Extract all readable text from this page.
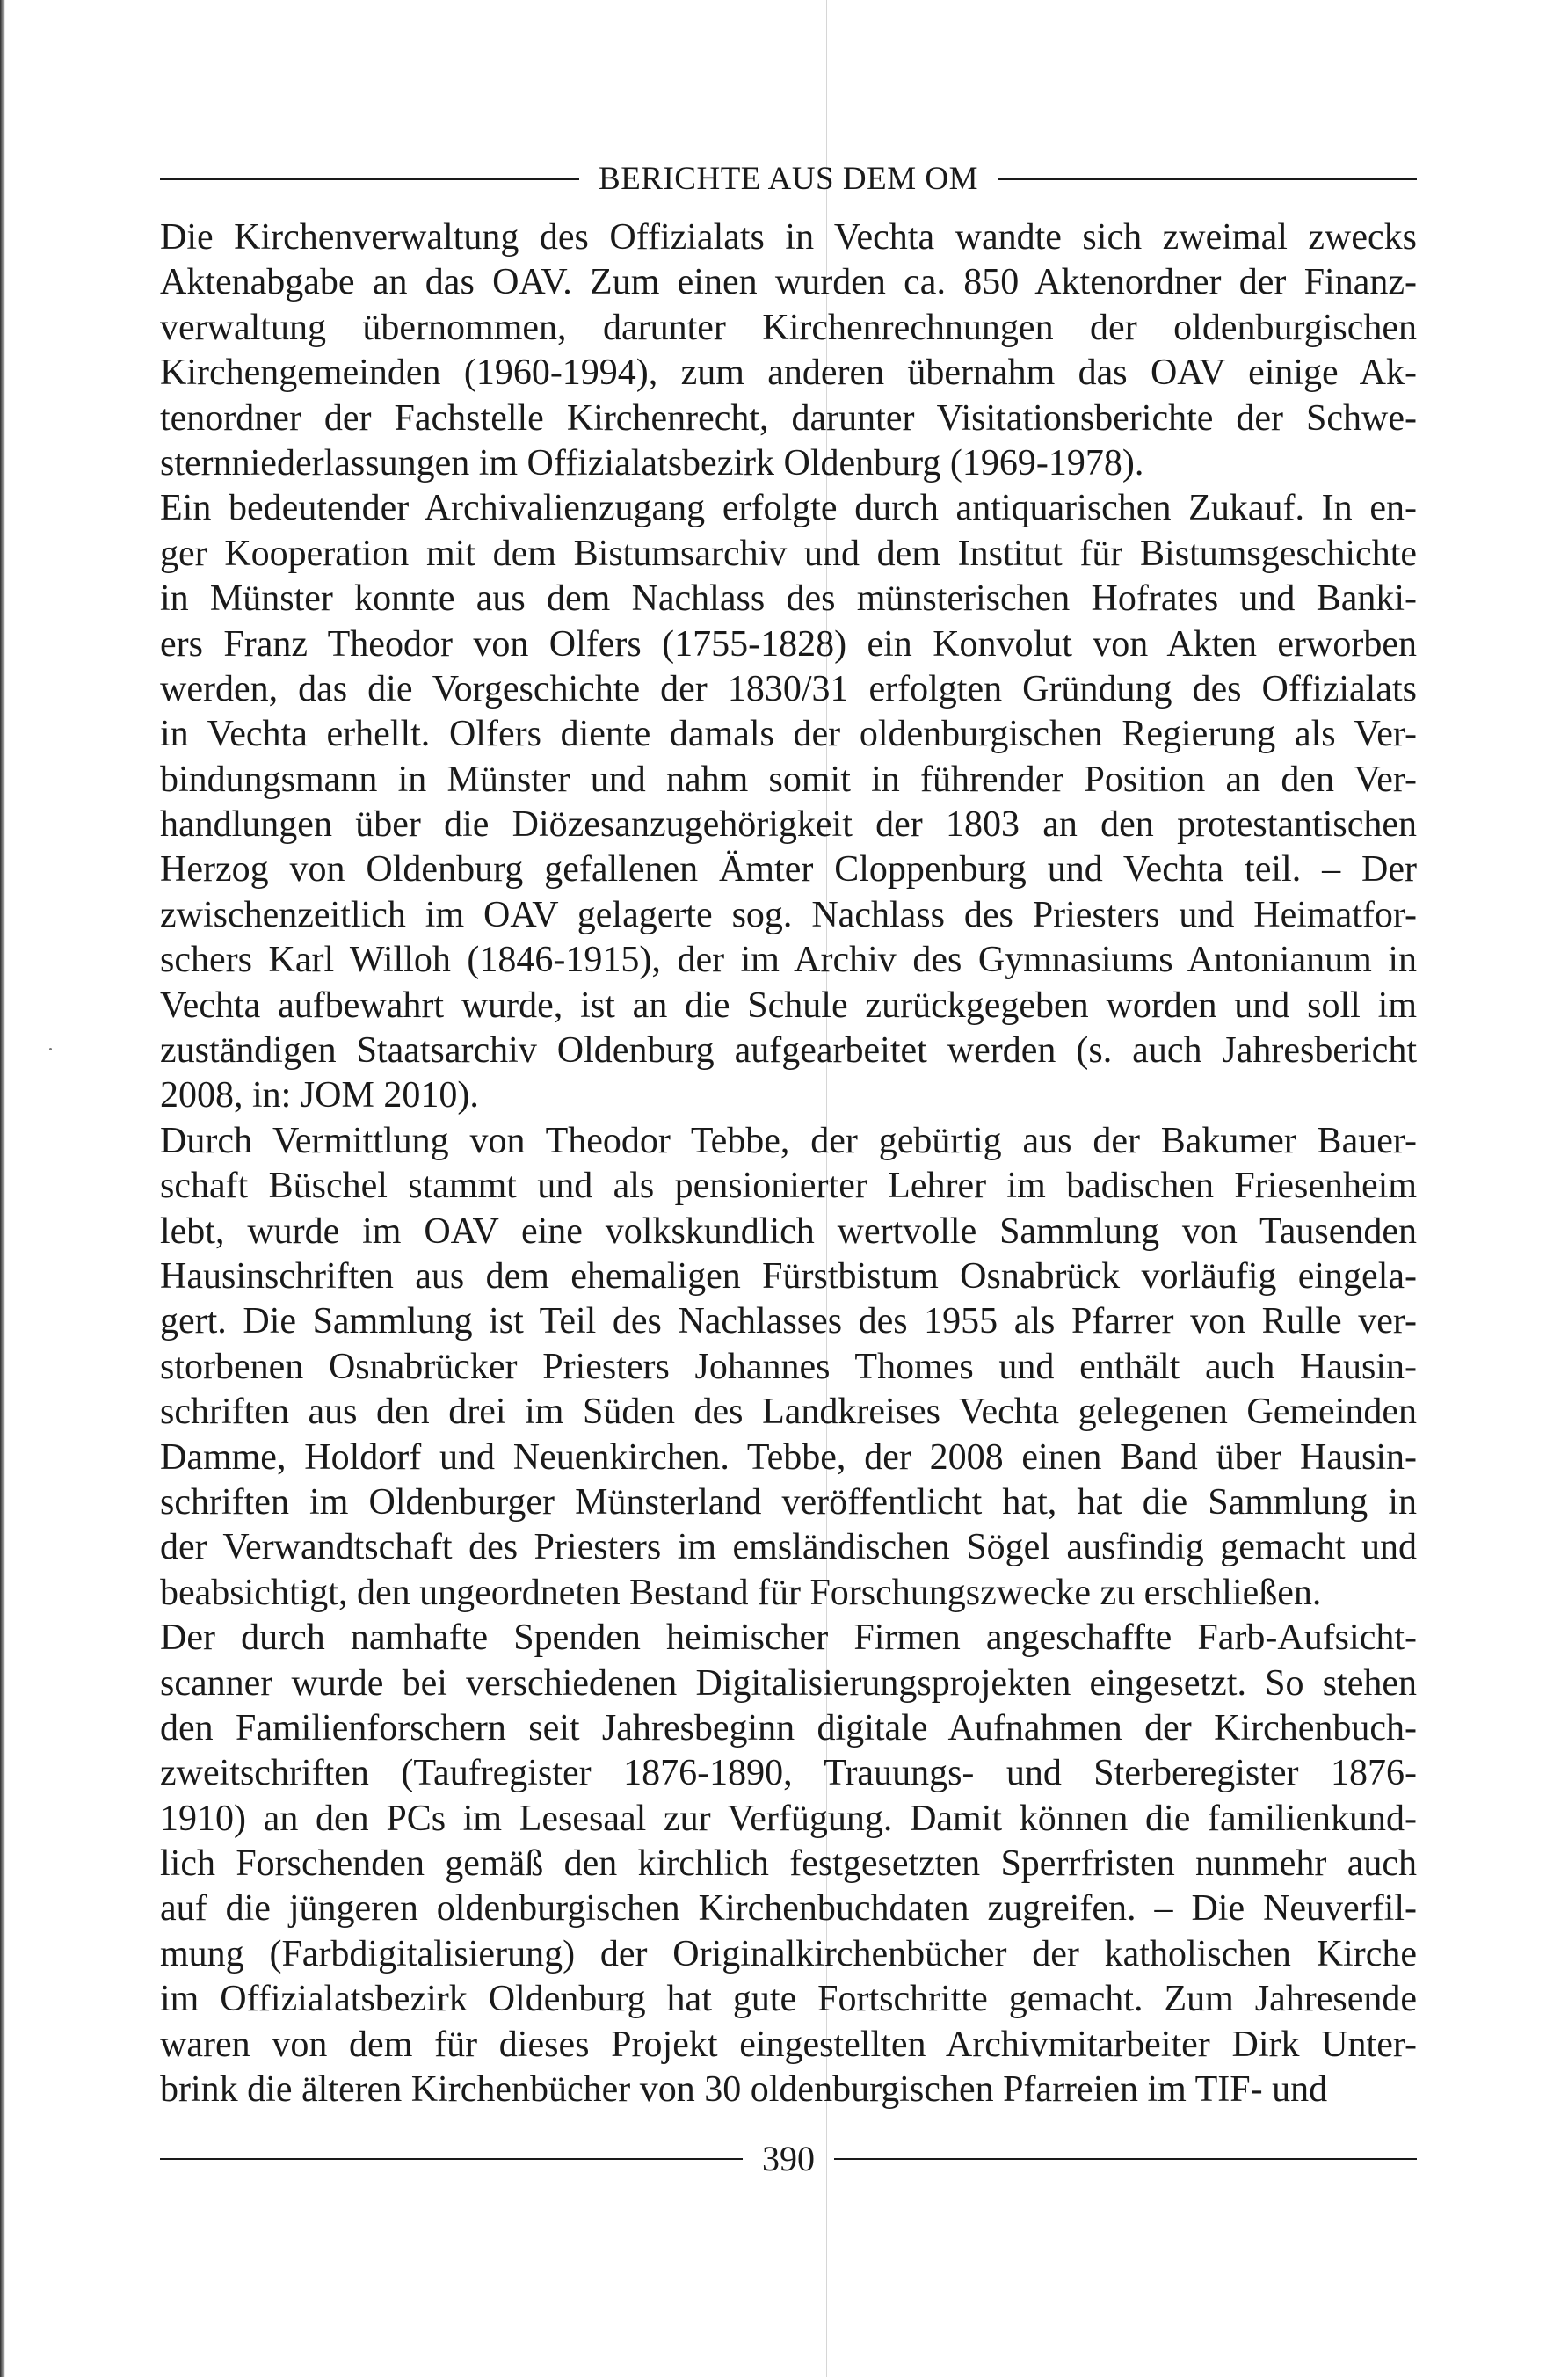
BERICHTE AUS DEM OM
Die Kirchenverwaltung des Offizialats in Vechta wandte sich zweimal zwecks
Aktenabgabe an das OAV. Zum einen wurden ca. 850 Aktenordner der Finanz-
verwaltung übernommen, darunter Kirchenrechnungen der oldenburgischen
Kirchengemeinden (1960-1994), zum anderen übernahm das OAV einige Ak-
tenordner der Fachstelle Kirchenrecht, darunter Visitationsberichte der Schwe-
sternniederlassungen im Offizialatsbezirk Oldenburg (1969-1978).
Ein bedeutender Archivalienzugang erfolgte durch antiquarischen Zukauf. In en-
ger Kooperation mit dem Bistumsarchiv und dem Institut für Bistumsgeschichte
in Münster konnte aus dem Nachlass des münsterischen Hofrates und Banki-
ers Franz Theodor von Olfers (1755-1828) ein Konvolut von Akten erworben
werden, das die Vorgeschichte der 1830/31 erfolgten Gründung des Offizialats
in Vechta erhellt. Olfers diente damals der oldenburgischen Regierung als Ver-
bindungsmann in Münster und nahm somit in führender Position an den Ver-
handlungen über die Diözesanzugehörigkeit der 1803 an den protestantischen
Herzog von Oldenburg gefallenen Ämter Cloppenburg und Vechta teil. – Der
zwischenzeitlich im OAV gelagerte sog. Nachlass des Priesters und Heimatfor-
schers Karl Willoh (1846-1915), der im Archiv des Gymnasiums Antonianum in
Vechta aufbewahrt wurde, ist an die Schule zurückgegeben worden und soll im
zuständigen Staatsarchiv Oldenburg aufgearbeitet werden (s. auch Jahresbericht
2008, in: JOM 2010).
Durch Vermittlung von Theodor Tebbe, der gebürtig aus der Bakumer Bauer-
schaft Büschel stammt und als pensionierter Lehrer im badischen Friesenheim
lebt, wurde im OAV eine volkskundlich wertvolle Sammlung von Tausenden
Hausinschriften aus dem ehemaligen Fürstbistum Osnabrück vorläufig eingela-
gert. Die Sammlung ist Teil des Nachlasses des 1955 als Pfarrer von Rulle ver-
storbenen Osnabrücker Priesters Johannes Thomes und enthält auch Hausin-
schriften aus den drei im Süden des Landkreises Vechta gelegenen Gemeinden
Damme, Holdorf und Neuenkirchen. Tebbe, der 2008 einen Band über Hausin-
schriften im Oldenburger Münsterland veröffentlicht hat, hat die Sammlung in
der Verwandtschaft des Priesters im emsländischen Sögel ausfindig gemacht und
beabsichtigt, den ungeordneten Bestand für Forschungszwecke zu erschließen.
Der durch namhafte Spenden heimischer Firmen angeschaffte Farb-Aufsicht-
scanner wurde bei verschiedenen Digitalisierungsprojekten eingesetzt. So stehen
den Familienforschern seit Jahresbeginn digitale Aufnahmen der Kirchenbuch-
zweitschriften (Taufregister 1876-1890, Trauungs- und Sterberegister 1876-
1910) an den PCs im Lesesaal zur Verfügung. Damit können die familienkund-
lich Forschenden gemäß den kirchlich festgesetzten Sperrfristen nunmehr auch
auf die jüngeren oldenburgischen Kirchenbuchdaten zugreifen. – Die Neuverfil-
mung (Farbdigitalisierung) der Originalkirchenbücher der katholischen Kirche
im Offizialatsbezirk Oldenburg hat gute Fortschritte gemacht. Zum Jahresende
waren von dem für dieses Projekt eingestellten Archivmitarbeiter Dirk Unter-
brink die älteren Kirchenbücher von 30 oldenburgischen Pfarreien im TIF- und
390
